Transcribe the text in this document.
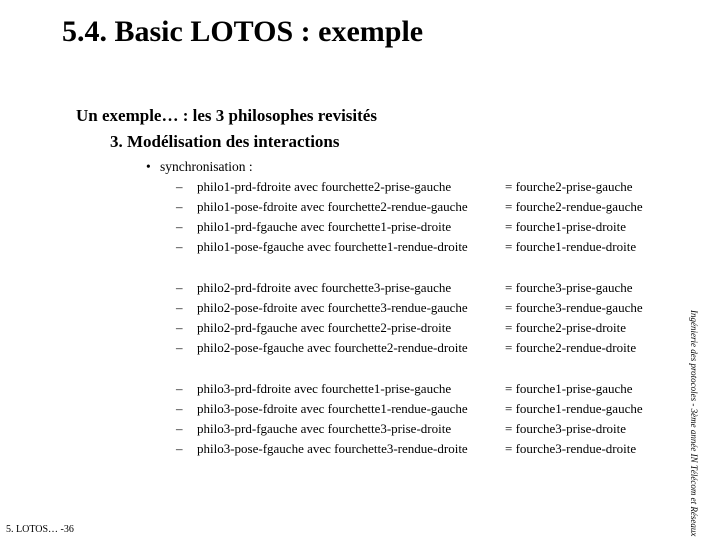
5.4. Basic LOTOS : exemple
Un exemple… : les 3 philosophes revisités
3. Modélisation des interactions
• synchronisation :
– philo1-prd-fdroite avec fourchette2-prise-gauche	= fourche2-prise-gauche
– philo1-pose-fdroite avec fourchette2-rendue-gauche	= fourche2-rendue-gauche
– philo1-prd-fgauche avec fourchette1-prise-droite	= fourche1-prise-droite
– philo1-pose-fgauche avec fourchette1-rendue-droite	= fourche1-rendue-droite
– philo2-prd-fdroite avec fourchette3-prise-gauche	= fourche3-prise-gauche
– philo2-pose-fdroite avec fourchette3-rendue-gauche	= fourche3-rendue-gauche
– philo2-prd-fgauche avec fourchette2-prise-droite	= fourche2-prise-droite
– philo2-pose-fgauche avec fourchette2-rendue-droite	= fourche2-rendue-droite
– philo3-prd-fdroite avec fourchette1-prise-gauche	= fourche1-prise-gauche
– philo3-pose-fdroite avec fourchette1-rendue-gauche	= fourche1-rendue-gauche
– philo3-prd-fgauche avec fourchette3-prise-droite	= fourche3-prise-droite
– philo3-pose-fgauche avec fourchette3-rendue-droite	= fourche3-rendue-droite	Ingénierie des protocoles - 3ème année IN Télécom et Réseaux
5. LOTOS… -36
